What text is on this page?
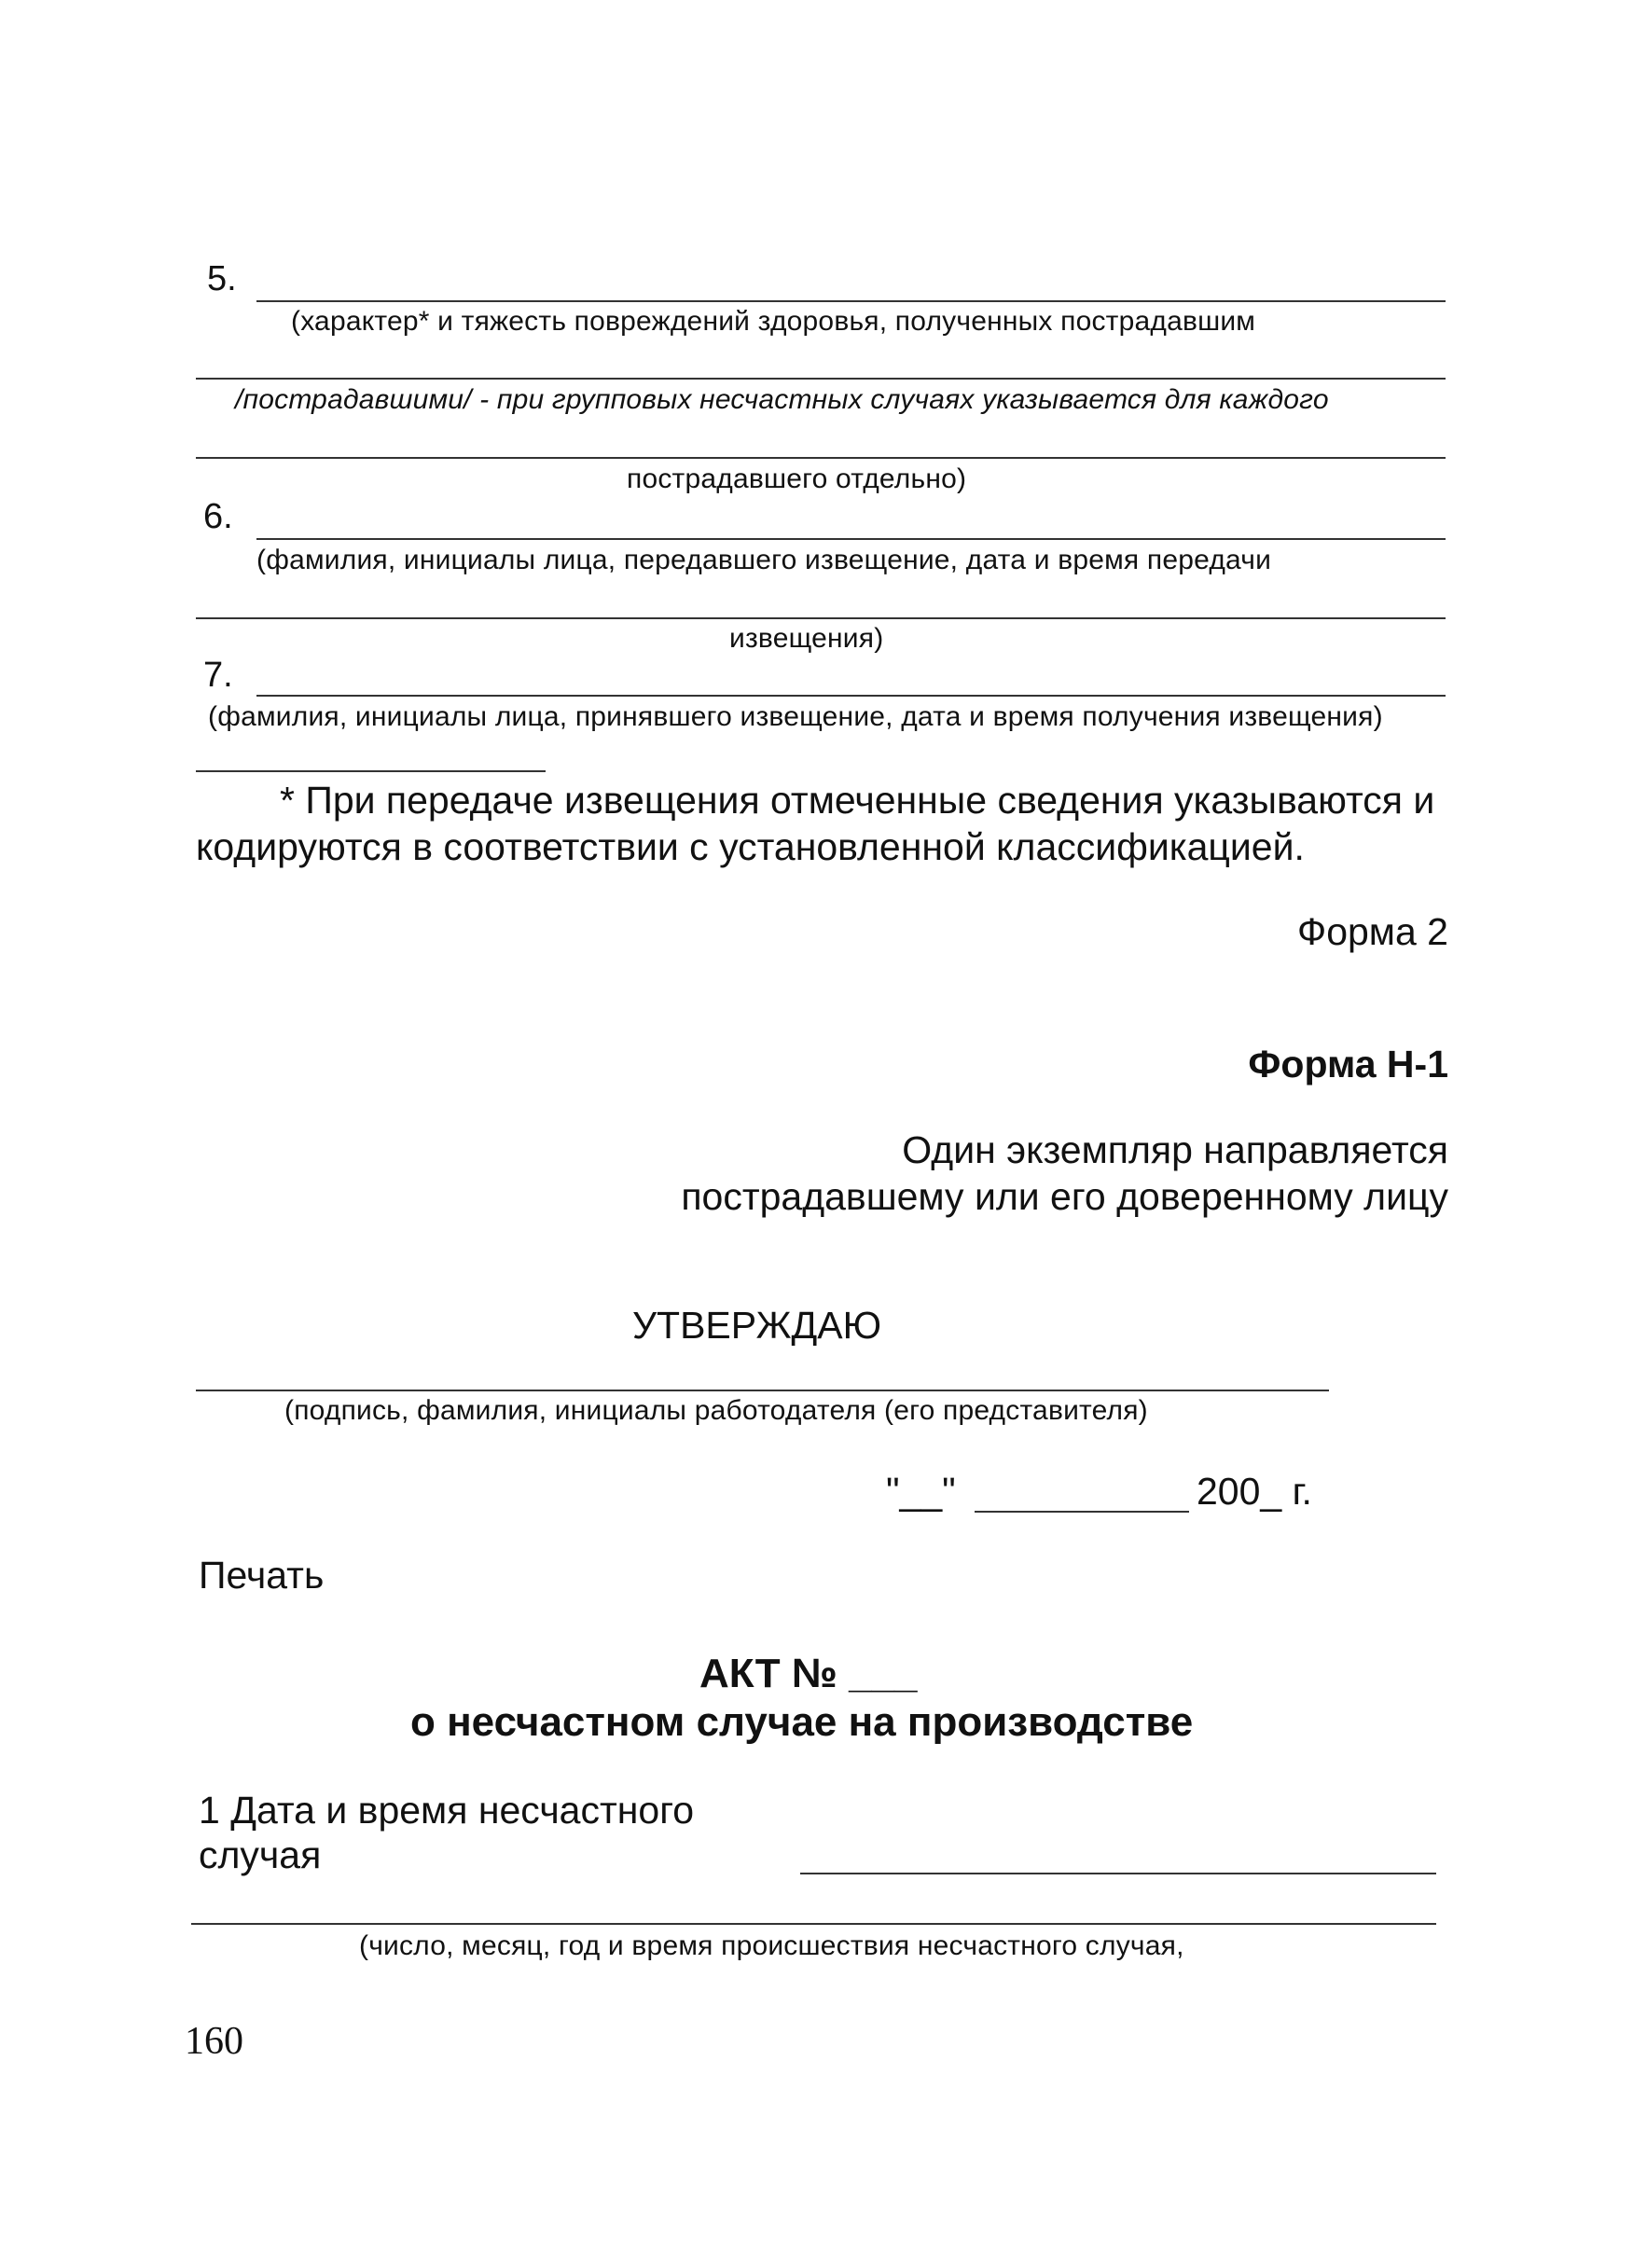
5.
(характер* и тяжесть повреждений здоровья, полученных пострадавшим
/пострадавшими/ - при групповых несчастных случаях указывается для каждого
пострадавшего отдельно)
6.
(фамилия, инициалы лица, передавшего извещение, дата и время передачи
извещения)
7.
(фамилия, инициалы лица, принявшего извещение, дата и время получения извещения)
* При передаче извещения отмеченные сведения указываются и
кодируются в соответствии с установленной классификацией.
Форма 2
Форма Н-1
Один экземпляр направляется
пострадавшему или его доверенному лицу
УТВЕРЖДАЮ
(подпись, фамилия, инициалы работодателя (его представителя)
"__"	200_ г.
Печать
АКТ № ___
о несчастном случае на производстве
1 Дата и время несчастного
случая
(число, месяц, год и время происшествия несчастного случая,
160
